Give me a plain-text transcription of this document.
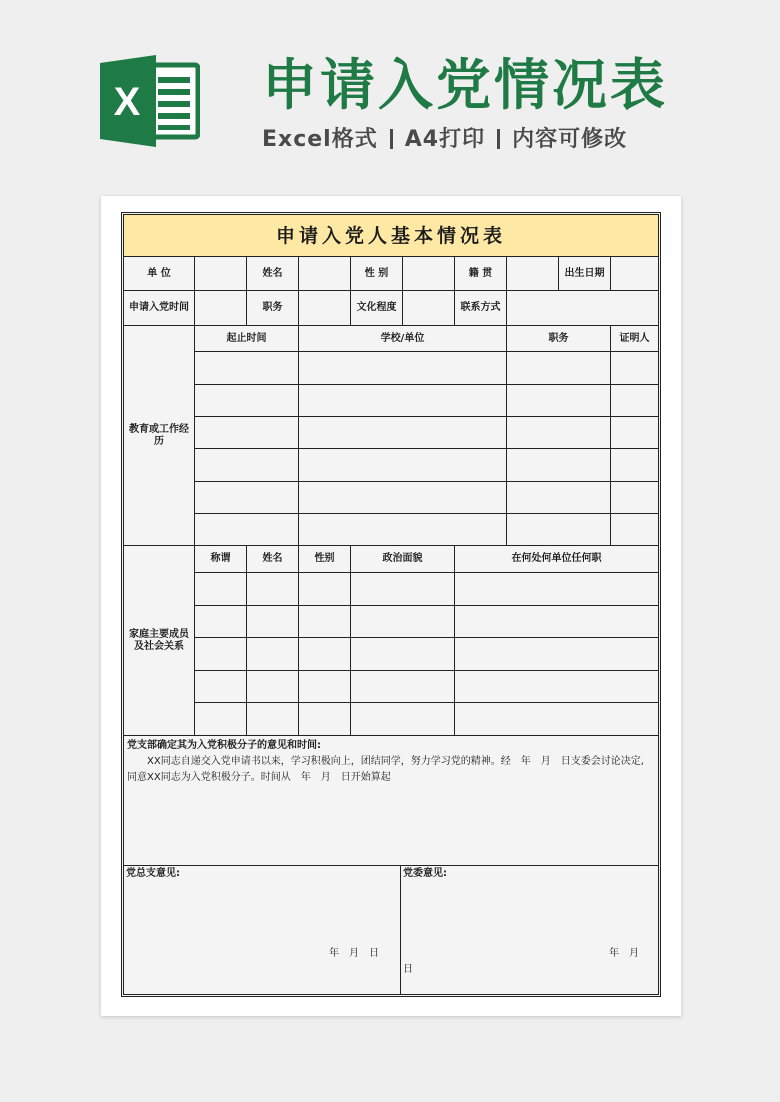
X 申请入党情况表
Excel格式 A4打印 内容可修改
申请入党人基本情况表
单 位	姓名	性 别	籍 贯	出生日期
申请入党时间	职务	文化程度	联系方式
教育或工作经历
起止时间	学校/单位	职务	证明人
家庭主要成员及社会关系
称谓	姓名	性别	政治面貌	在何处何单位任何职
党支部确定其为入党积极分子的意见和时间:
XX同志自递交入党申请书以来，学习积极向上，团结同学，努力学习党的精神。经　年　月　日支委会讨论决定,
同意XX同志为入党积极分子。时间从　年　月　日开始算起
党总支意见:
年　月　日
党委意见:
年　月
日
